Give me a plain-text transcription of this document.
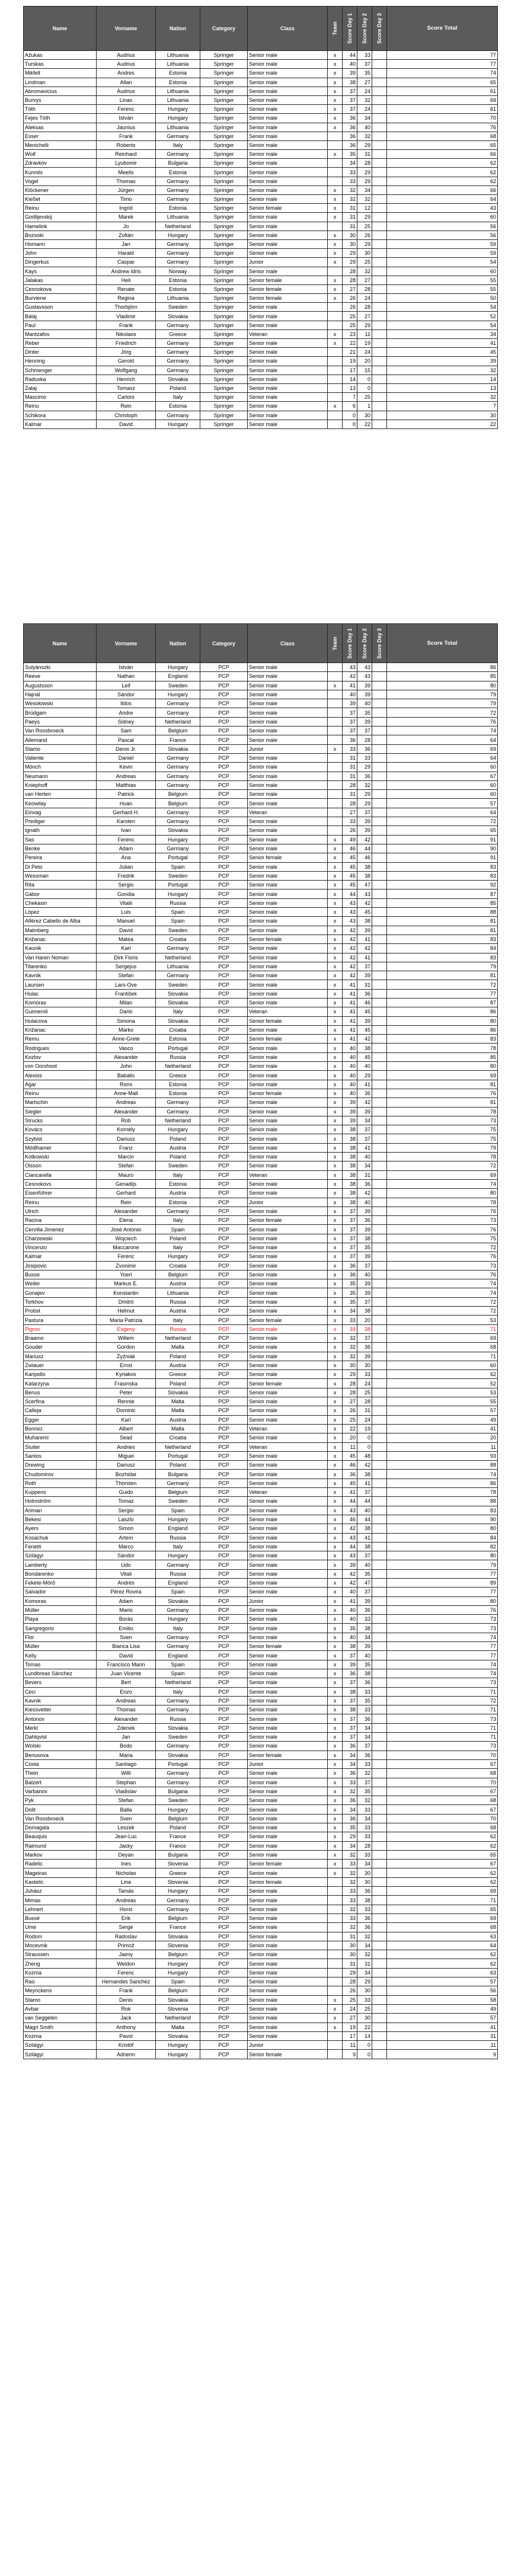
Name	Vorname	Nation	Category	Class	Team	Score Day 1	Score Day 2	Score Day 3	Score Total
Ažukas	Audrius	Lithuania	Springer	Senior male	x	44	33		77
Turskas	Audrius	Lithuania	Springer	Senior male	x	40	37		77
Mikfelt	Andres	Estonia	Springer	Senior male	x	39	35		74
Lindman	Allan	Estonia	Springer	Senior male	x	38	27		65
Abromavicius	Audrius	Lithuania	Springer	Senior male	x	37	24		61
Burvys	Linas	Lithuania	Springer	Senior male	x	37	32		69
Tóth	Ferenc	Hungary	Springer	Senior male	x	37	24		61
Fejes Tóth	István	Hungary	Springer	Senior male	x	36	34		70
Aleksas	Jaunius	Lithuania	Springer	Senior male	x	36	40		76
Esser	Frank	Germany	Springer	Senior male		36	32		68
Menichelli	Roberto	Italy	Springer	Senior male		36	29		65
Wolf	Reinhard	Germany	Springer	Senior male	x	35	31		66
Zdravkov	Lyubomir	Bulgaria	Springer	Senior male		34	28		62
Kunnits	Meelis	Estonia	Springer	Senior male		33	29		62
Vogel	Thomas	Germany	Springer	Senior male		33	29		62
Klöckener	Jürgen	Germany	Springer	Senior male	x	32	34		66
Kießet	Timo	Germany	Springer	Senior male	x	32	32		64
Reinu	Ingrid	Estonia	Springer	Senior female	x	31	12		43
Godlijevskij	Marek	Lithuania	Springer	Senior male	x	31	29		60
Hamelink	Jo	Netherland	Springer	Senior male		31	25		56
Bozsoki	Zoltán	Hungary	Springer	Senior male	x	30	26		56
Homann	Jan	Germany	Springer	Senior male	x	30	29		59
John	Harald	Germany	Springer	Senior male	x	29	30		59
Dingerkus	Caspar	Germany	Springer	Junior	x	29	25		54
Kays	Andrew Idris	Norway	Springer	Senior male		28	32		60
Jalakas	Heli	Estonia	Springer	Senior female	x	28	27		55
Cesnokova	Renate	Estonia	Springer	Senior female	x	27	28		55
Burviene	Regina	Lithuania	Springer	Senior female	x	26	24		50
Gustavsson	Thorbjörn	Sweden	Springer	Senior male		26	28		54
Balaj	Vladimir	Slovakia	Springer	Senior male		25	27		52
Paul	Frank	Germany	Springer	Senior male		25	29		54
Mantzafos	Nikolaos	Greece	Springer	Veteran	x	23	11		34
Reber	Friedrich	Germany	Springer	Senior male	x	22	19		41
Dinter	Jörg	Germany	Springer	Senior male		21	24		45
Henning	Gerold	Germany	Springer	Senior male		19	20		39
Schmenger	Wolfgang	Germany	Springer	Senior male		17	15		32
Raduska	Henrich	Slovakia	Springer	Senior male		14	0		14
Zataj	Tomasz	Poland	Springer	Senior male		13	0		13
Mascimo	Carloni	Italy	Springer	Senior male		7	25		32
Reinu	Rein	Estonia	Springer	Senior male	x	6	1		7
Schikora	Christoph	Germany	Springer	Senior male		0	30		30
Kalmár	David	Hungary	Springer	Senior male		0	22		22
Name	Vorname	Nation	Category	Class	Team	Score Day 1	Score Day 2	Score Day 3	Score Total
Sulyánszki	István	Hungary	PCP	Senior male		43	43		86
Reeve	Nathan	England	PCP	Senior male		42	43		85
Augustsson	Leif	Sweden	PCP	Senior male	x	41	39		80
Hajnal	Sándor	Hungary	PCP	Senior male		40	39		79
Wesołowski	Ildos	Germany	PCP	Senior male		39	40		79
Brüdgam	Andre	Germany	PCP	Senior male		37	35		72
Paeys	Sidney	Netherland	PCP	Senior male		37	39		76
Van Roosbroeck	Sam	Belgium	PCP	Senior male		37	37		74
Allemand	Pascal	France	PCP	Senior male		36	28		64
Stamo	Denis Jr.	Slovakia	PCP	Junior	x	33	36		69
Valiente	Daniel	Germany	PCP	Senior male		31	33		64
Mönch	Kevin	Germany	PCP	Senior male		31	29		60
Neumann	Andreas	Germany	PCP	Senior male		31	36		67
Kniephoff	Matthias	Germany	PCP	Senior male		28	32		60
van Herten	Patrick	Belgium	PCP	Senior male		31	29		60
Keowilay	Huan	Belgium	PCP	Senior male		28	29		57
Einvag	Gerhard H.	Germany	PCP	Veteran		27	37		64
Prediger	Karsten	Germany	PCP	Senior male		33	39		72
Ignath	Ivan	Slovakia	PCP	Senior male		26	39		65
Sas	Ferenc	Hungary	PCP	Senior male	x	49	42		91
Benke	Adam	Germany	PCP	Senior male	x	46	44		90
Pereira	Ana	Portugal	PCP	Senior female	x	45	46		91
Di Peto	Julian	Spain	PCP	Senior male	x	45	38		83
Wessman	Fredrik	Sweden	PCP	Senior male	x	45	38		83
Rita	Sergio	Portugal	PCP	Senior male	x	45	47		92
Gábor	Gondia	Hungary	PCP	Senior male	x	44	43		87
Chekasin	Vitalii	Russia	PCP	Senior male	x	43	42		85
López	Luis	Spain	PCP	Senior male	x	43	45		88
Alférez Cabello de Alba	Manuel	Spain	PCP	Senior male	x	43	38		81
Malmberg	David	Sweden	PCP	Senior male	x	42	39		81
Križanac	Matea	Croatia	PCP	Senior female	x	42	41		83
Kaunik	Karl	Germany	PCP	Senior male	x	42	42		84
Van Haren Noman	Dirk Floris	Netherland	PCP	Senior male	x	42	41		83
Titarenko	Sergejus	Lithuania	PCP	Senior male	x	42	37		79
Kavnik	Stefan	Germany	PCP	Senior male	x	42	39		81
Laursen	Lars-Ove	Sweden	PCP	Senior male	x	41	31		72
Hulac	František	Slovakia	PCP	Senior male	x	41	36		77
Komoras	Milan	Slovakia	PCP	Senior male	x	41	46		87
Guimeroli	Dario	Italy	PCP	Veteran	x	41	45		86
Hulacova	Simona	Slovakia	PCP	Senior female	x	41	39		80
Križanac	Marko	Croatia	PCP	Senior male	x	41	45		86
Remu	Anne-Grete	Estonia	PCP	Senior female	x	41	42		83
Rodrigues	Vasco	Portugal	PCP	Senior male	x	40	38		78
Kozlov	Alexander	Russia	PCP	Senior male	x	40	45		85
von Oorshoot	John	Netherland	PCP	Senior male	x	40	40		80
Alexios	Babalis	Greece	PCP	Senior male	x	40	29		69
Agar	Romi	Estonia	PCP	Senior male	x	40	41		81
Reinu	Anne-Mall	Estonia	PCP	Senior female	x	40	36		76
Martschin	Andreas	Germany	PCP	Senior male	x	39	42		81
Siegler	Alexander	Germany	PCP	Senior male	x	39	39		78
Strucks	Rob	Netherland	PCP	Senior male	x	39	34		73
Kovács	Kornély	Hungary	PCP	Senior male	x	38	37		75
Szybist	Dariusz	Poland	PCP	Senior male	x	38	37		75
Mödlhamer	Franz	Austria	PCP	Senior male	x	38	41		79
Kotkowski	Marcin	Poland	PCP	Senior male	x	38	40		78
Olsson	Stefan	Sweden	PCP	Senior male	x	38	34		72
Ciancarella	Mauro	Italy	PCP	Veteran	x	38	31		69
Cesnokovs	Genadijs	Estonia	PCP	Senior male	x	38	36		74
Eisenführer	Gerhard	Austria	PCP	Senior male	x	38	42		80
Reinu	Rein	Estonia	PCP	Junior	x	38	40		78
Ulrich	Alexander	Germany	PCP	Senior male	x	37	39		76
Racina	Elena	Italy	PCP	Senior female	x	37	36		73
Cervilla Jimenez	José Antonio	Spain	PCP	Senior male	x	37	39		76
Charzewski	Wojciech	Poland	PCP	Senior male	x	37	38		75
Vincenzo	Maccarone	Italy	PCP	Senior male	x	37	35		72
Kalmár	Ferenc	Hungary	PCP	Senior male	x	37	39		76
Josipovic	Zvonimir	Croatia	PCP	Senior male	x	36	37		73
Busse	Yoeri	Belgium	PCP	Senior male	x	36	40		76
Weiler	Markus E.	Austria	PCP	Senior male	x	35	39		74
Gonajev	Konstantin	Lithuania	PCP	Senior male	x	35	39		74
Torkhov	Dmitrii	Russia	PCP	Senior male	x	35	37		72
Probst	Helmut	Austria	PCP	Senior male	x	34	38		72
Pastura	Maria Patrizia	Italy	PCP	Senior female	x	33	20		53
Pigrov	Evgeny	Russia	PCP	Senior male	x	33	38		71
Braamo	Willem	Netherland	PCP	Senior male	x	32	37		69
Gouder	Gordon	Malta	PCP	Senior male	x	32	36		68
Mariusz	Żyźniak	Poland	PCP	Senior male	x	32	39		71
Zwiauer	Ernst	Austria	PCP	Senior male	x	30	30		60
Karipidis	Kyriakos	Greece	PCP	Senior male	x	29	33		62
Katarzyna	Frasinska	Poland	PCP	Senior female	x	28	24		52
Benus	Peter	Slovakia	PCP	Senior male	x	28	25		53
Scerfina	Rennie	Malta	PCP	Senior male	x	27	28		55
Calleja	Dominic	Malta	PCP	Senior male	x	26	31		57
Egger	Karl	Austria	PCP	Senior male	x	25	24		49
Bonnici	Albert	Malta	PCP	Veteran	x	22	19		41
Muharemi	Sead	Croatia	PCP	Senior male	x	20	0		20
Sluiter	Andries	Netherland	PCP	Veteran	x	11	0		11
Santos	Miguel	Portugal	PCP	Senior male	x	45	48		93
Drewing	Dariusz	Poland	PCP	Senior male	x	46	42		88
Chudomirov	Bozhidar	Bulgaria	PCP	Senior male	x	36	38		74
Roth	Thorsten	Germany	PCP	Senior male	x	45	41		86
Kuppens	Guido	Belgium	PCP	Veteran	x	41	37		78
Holmström	Tomaz	Sweden	PCP	Senior male	x	44	44		88
Ariman	Sergio	Spain	PCP	Senior male	x	43	40		83
Bekesi	Laszlo	Hungary	PCP	Senior male	x	46	44		90
Ayers	Simon	England	PCP	Senior male	x	42	38		80
Kosachuk	Artem	Russia	PCP	Senior male	x	43	41		84
Fenetti	Marco	Italy	PCP	Senior male	x	44	38		82
Szilágyi	Sándor	Hungary	PCP	Senior male	x	43	37		80
Lamberty	Udo	Germany	PCP	Senior male	x	39	40		79
Bondarenko	Vitali	Russia	PCP	Senior male	x	42	35		77
Fekete-Mörő	Andrés	England	PCP	Senior male	x	42	47		89
Salvador	Pérez Rovira	Spain	PCP	Senior male	x	40	37		77
Komoras	Adam	Slovakia	PCP	Junior	x	41	39		80
Müller	Mario	Germany	PCP	Senior male	x	40	36		76
Playa	Borás	Hungary	PCP	Senior male	x	40	33		73
Sangregorio	Emilio	Italy	PCP	Senior male	x	35	38		73
Flor	Sven	Germany	PCP	Senior male	x	40	34		74
Müller	Bianca Lisa	Germany	PCP	Senior female	x	38	39		77
Kelly	David	England	PCP	Senior male	x	37	40		77
Tomas	Francisco Marin	Spain	PCP	Senior male	x	39	35		74
Lundbreas Sánchez	Juan Vicente	Spain	PCP	Senior male	x	36	38		74
Bevers	Bert	Netherland	PCP	Senior male	x	37	36		73
Ceci	Enzo	Italy	PCP	Senior male	x	38	33		71
Kavnik	Andreas	Germany	PCP	Senior male	x	37	35		72
Kiessvetter	Thomas	Germany	PCP	Senior male	x	38	33		71
Antonov	Alexander	Russia	PCP	Senior male	x	37	36		73
Merkl	Zdenek	Slovakia	PCP	Senior male	x	37	34		71
Dahlqvist	Jan	Sweden	PCP	Senior male	x	37	34		71
Wolski	Bodo	Germany	PCP	Senior male	x	36	37		73
Benusova	Maria	Slovakia	PCP	Senior female	x	34	36		70
Costa	Santiago	Portugal	PCP	Junior	x	34	33		67
Thein	Willi	Germany	PCP	Senior male	x	36	32		68
Balzert	Stephan	Germany	PCP	Senior male	x	33	37		70
Varbanov	Vladislav	Bulgaria	PCP	Senior male	x	32	35		67
Pyk	Stefan	Sweden	PCP	Senior male	x	36	32		68
Dolit	Balla	Hungary	PCP	Senior male	x	34	33		67
Van Roosbroeck	Sven	Belgium	PCP	Senior male	x	36	34		70
Domagala	Leszek	Poland	PCP	Senior male	x	35	33		68
Beauquis	Jean-Luc	France	PCP	Senior male	x	29	33		62
Raimund	Jacky	France	PCP	Senior male	x	34	28		62
Markov	Deyan	Bulgaria	PCP	Senior male	x	32	33		65
Radelic	Ines	Slovenia	PCP	Senior female	x	33	34		67
Mageiras	Nicholas	Greece	PCP	Senior male	x	32	30		62
Kastelic	Lina	Slovenia	PCP	Senior female		32	30		62
Juhász	Tamás	Hungary	PCP	Senior male		33	36		69
Mimas	Andreas	Germany	PCP	Senior male		33	38		71
Lehnert	Horst	Germany	PCP	Senior male		32	33		65
Bussé	Erik	Belgium	PCP	Senior male		33	36		69
Ume	Serge	France	PCP	Senior male		32	36		68
Rodom	Radoslav	Slovakia	PCP	Senior male		31	32		63
Mocevnik	Primož	Slovenia	PCP	Senior male		30	34		64
Straussen	Jaimy	Belgium	PCP	Senior male		30	32		62
Zheng	Weidon	Hungary	PCP	Senior male		31	31		62
Kozma	Ferenc	Hungary	PCP	Senior male		29	34		63
Raú	Hernandes Sanchez	Spain	PCP	Senior male		28	29		57
Meynckens	Frank	Belgium	PCP	Senior male		26	30		56
Stamo	Denis	Slovakia	PCP	Senior male	x	25	33		58
Avbar	Rok	Slovenia	PCP	Senior male	x	24	25		49
van Seggelen	Jack	Netherland	PCP	Senior male	x	27	30		57
Magri Smith	Anthony	Malta	PCP	Senior male	x	19	22		41
Kozma	Pavol	Slovakia	PCP	Senior male		17	14		31
Szilágyi	Kristóf	Hungary	PCP	Junior		11	0		11
Szilágyi	Adrienn	Hungary	PCP	Senior female		9	0		9
